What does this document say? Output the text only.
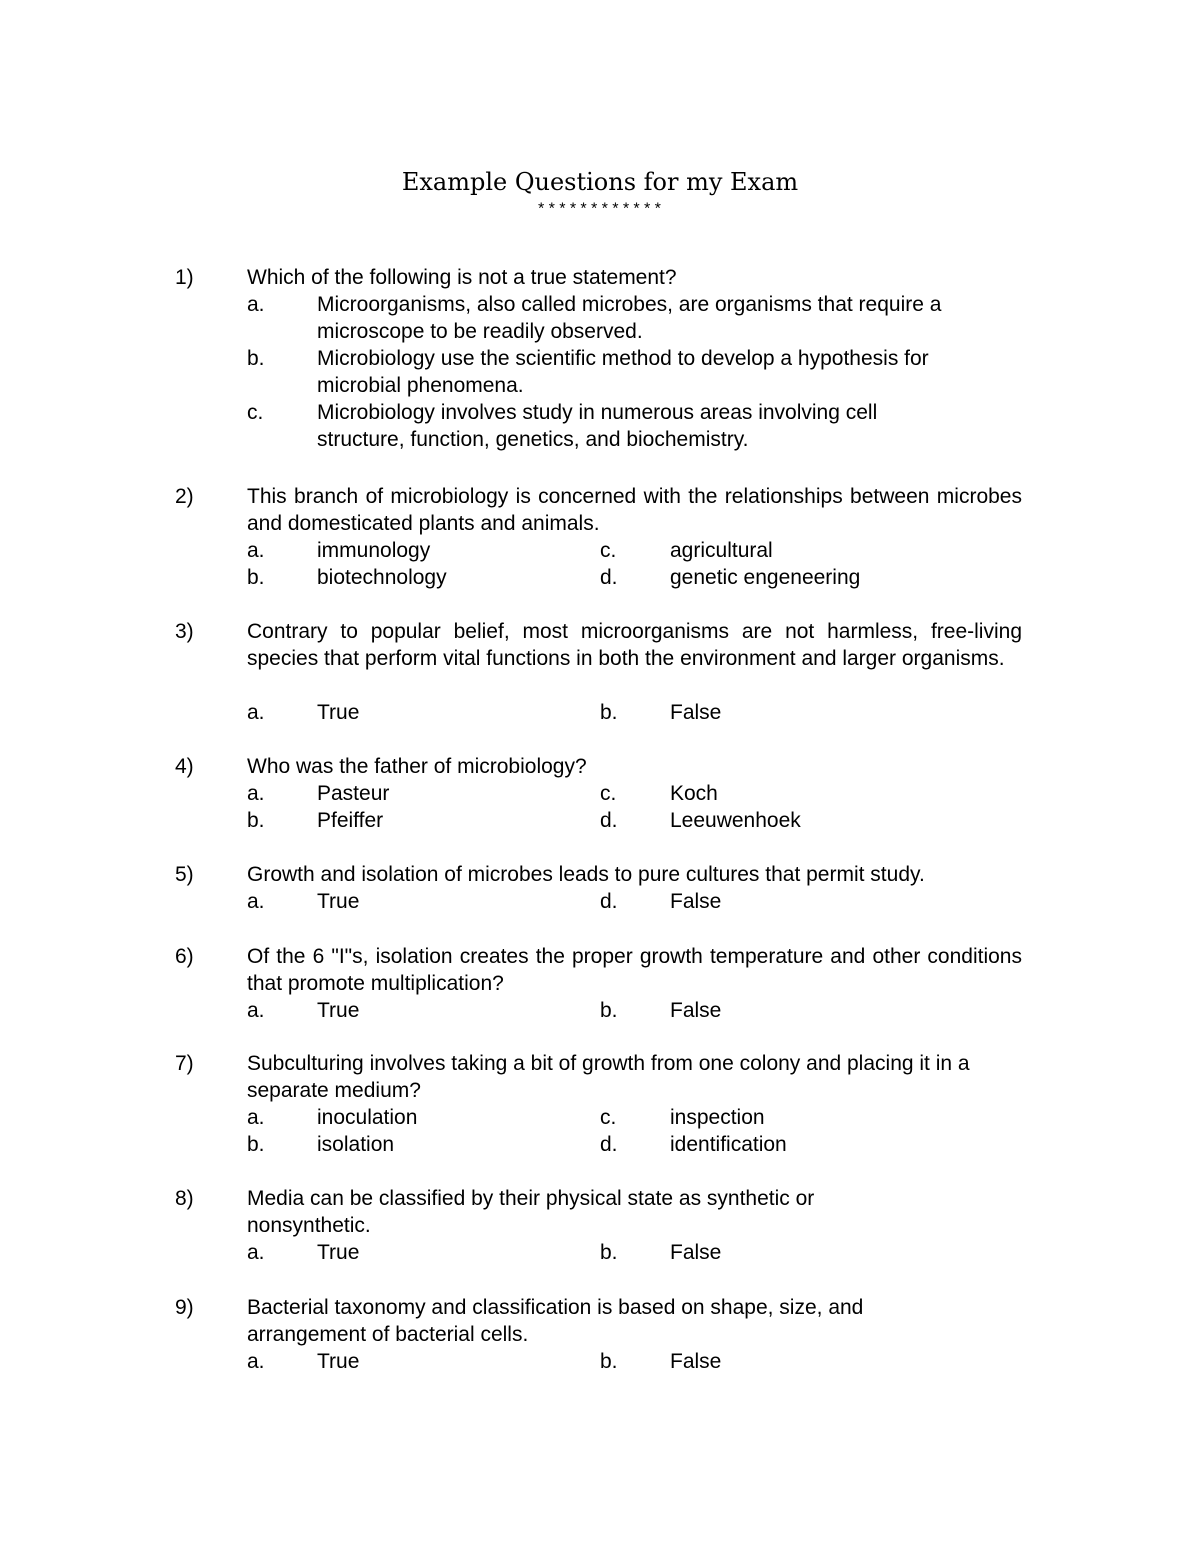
Example Questions for my Exam
************
1)	Which of the following is not a true statement?

a. Microorganisms, also called microbes, are organisms that require a microscope to be readily observed.
b. Microbiology use the scientific method to develop a hypothesis for microbial phenomena.
c.	Microbiology involves study in numerous areas involving cell structure, function, genetics, and biochemistry.
2)	This branch of microbiology is concerned with the relationships between microbes and domesticated plants and animals.

a. immunology	c.	agricultural
b. biotechnology	d. genetic engeneering
3)	Contrary to popular belief, most microorganisms are not harmless, free-living species that perform vital functions in both the environment and larger organisms.

a. True	b. False
4)	Who was the father of microbiology?

a. Pasteur	c.	Koch
b. Pfeiffer	d. Leeuwenhoek
5)	Growth and isolation of microbes leads to pure cultures that permit study.

a. True	d. False
6)	Of the 6 "I"s, isolation creates the proper growth temperature and other conditions that promote multiplication?

a. True	b. False
7)	Subculturing involves taking a bit of growth from one colony and placing it in a separate medium?

a. inoculation	c.	inspection
b. isolation	d. identification
8)	Media can be classified by their physical state as synthetic or nonsynthetic.

a. True	b. False
9)	Bacterial taxonomy and classification is based on shape, size, and arrangement of bacterial cells.

a. True	b. False
